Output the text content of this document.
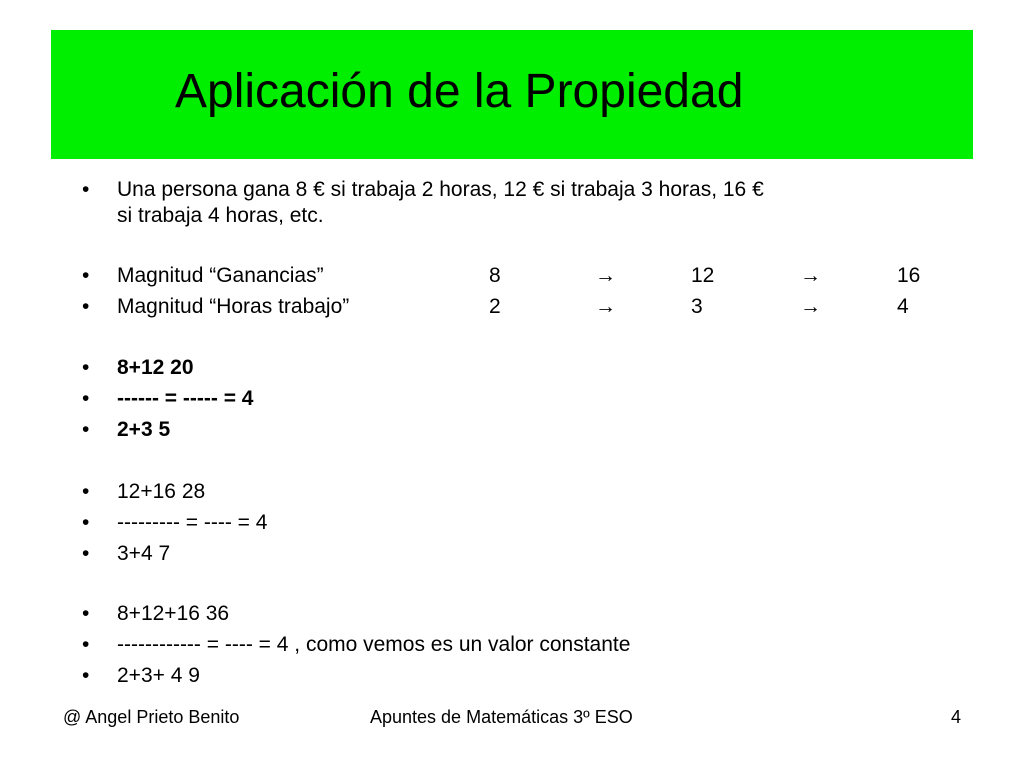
Aplicación de la Propiedad
• Una persona gana 8 € si trabaja 2 horas, 12 € si trabaja 3 horas, 16 €
si trabaja 4 horas, etc.
• Magnitud “Ganancias”	8	→	12	→	16
• Magnitud “Horas trabajo”	2	→	3	→	4
• 8+12 20
• ------ = ----- = 4
• 2+3 5
• 12+16 28
• --------- = ---- = 4
• 3+4 7
• 8+12+16 36
• ------------ = ---- = 4 , como vemos es un valor constante
• 2+3+ 4 9
@ Angel Prieto Benito	Apuntes de Matemáticas 3º ESO	4
